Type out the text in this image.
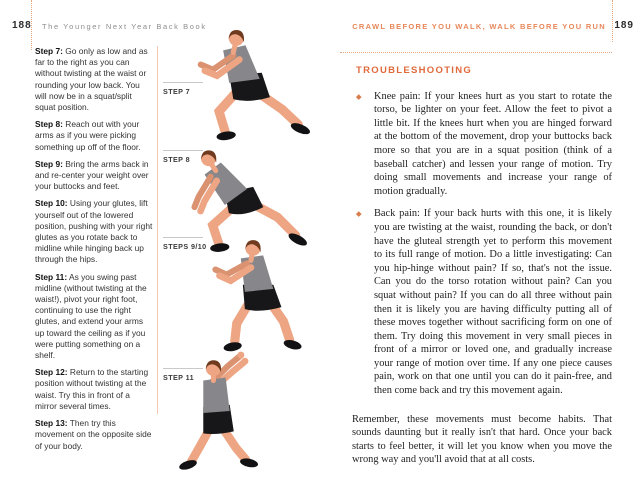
188 The Younger Next Year Back Book

Step 7: Go only as low and as far to the right as you can without twisting at the waist or rounding your low back. You will now be in a squat/split squat position.

Step 8: Reach out with your arms as if you were picking something up off of the floor.

Step 9: Bring the arms back in and re-center your weight over your buttocks and feet.

Step 10: Using your glutes, lift yourself out of the lowered position, pushing with your right glutes as you rotate back to midline while hinging back up through the hips.

Step 11: As you swing past midline (without twisting at the waist!), pivot your right foot, continuing to use the right glutes, and extend your arms up toward the ceiling as if you were putting something on a shelf.

Step 12: Return to the starting position without twisting at the waist. Try this in front of a mirror several times.

Step 13: Then try this movement on the opposite side of your body.

STEP 7
STEP 8
STEPS 9/10
STEP 11
CRAWL BEFORE YOU WALK, WALK BEFORE YOU RUN 189
TROUBLESHOOTING
Knee pain: If your knees hurt as you start to rotate the torso, be lighter on your feet. Allow the feet to pivot a little bit. If the knees hurt when you are hinged forward at the bottom of the movement, drop your buttocks back more so that you are in a squat position (think of a baseball catcher) and lessen your range of motion. Try doing small movements and increase your range of motion gradually.
Back pain: If your back hurts with this one, it is likely you are twisting at the waist, rounding the back, or don't have the gluteal strength yet to perform this movement to its full range of motion. Do a little investigating: Can you hip-hinge without pain? If so, that's not the issue. Can you do the torso rotation without pain? Can you squat without pain? If you can do all three without pain then it is likely you are having difficulty putting all of these moves together without sacrificing form on one of them. Try doing this movement in very small pieces in front of a mirror or loved one, and gradually increase your range of motion over time. If any one piece causes pain, work on that one until you can do it pain-free, and then come back and try this movement again.

Remember, these movements must become habits. That sounds daunting but it really isn't that hard. Once your back starts to feel better, it will let you know when you move the wrong way and you'll avoid that at all costs.
